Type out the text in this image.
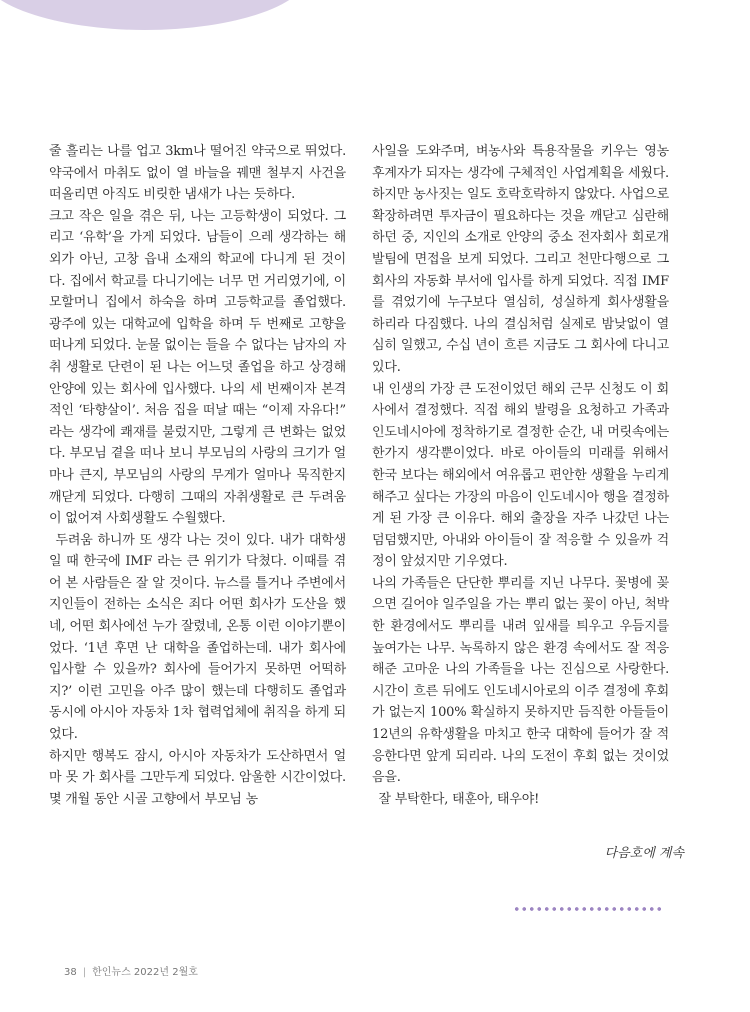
줄 흘리는 나를 업고 3km나 떨어진 약국으로 뛰었다. 약국에서 마취도 없이 열 바늘을 꿰맨 철부지 사건을 떠올리면 아직도 비릿한 냄새가 나는 듯하다.

크고 작은 일을 겪은 뒤, 나는 고등학생이 되었다. 그리고 ‘유학’을 가게 되었다. 남들이 으레 생각하는 해외가 아닌, 고창 읍내 소재의 학교에 다니게 된 것이다. 집에서 학교를 다니기에는 너무 먼 거리였기에, 이모할머니 집에서 하숙을 하며 고등학교를 졸업했다. 광주에 있는 대학교에 입학을 하며 두 번째로 고향을 떠나게 되었다. 눈물 없이는 들을 수 없다는 남자의 자취 생활로 단련이 된 나는 어느덧 졸업을 하고 상경해 안양에 있는 회사에 입사했다. 나의 세 번째이자 본격적인 ‘타향살이’. 처음 집을 떠날 때는 “이제 자유다!” 라는 생각에 쾌재를 불렀지만, 그렇게 큰 변화는 없었다. 부모님 곁을 떠나 보니 부모님의 사랑의 크기가 얼마나 큰지, 부모님의 사랑의 무게가 얼마나 묵직한지 깨닫게 되었다. 다행히 그때의 자취생활로 큰 두려움이 없어져 사회생활도 수월했다.

두려움 하니까 또 생각 나는 것이 있다. 내가 대학생일 때 한국에 IMF 라는 큰 위기가 닥쳤다. 이때를 겪어 본 사람들은 잘 알 것이다. 뉴스를 틀거나 주변에서 지인들이 전하는 소식은 죄다 어떤 회사가 도산을 했네, 어떤 회사에선 누가 잘렸네, 온통 이런 이야기뿐이었다. ‘1년 후면 난 대학을 졸업하는데. 내가 회사에 입사할 수 있을까? 회사에 들어가지 못하면 어떡하지?’ 이런 고민을 아주 많이 했는데 다행히도 졸업과 동시에 아시아 자동차 1차 협력업체에 취직을 하게 되었다.

하지만 행복도 잠시, 아시아 자동차가 도산하면서 얼마 못 가 회사를 그만두게 되었다. 암울한 시간이었다. 몇 개월 동안 시골 고향에서 부모님 농

사일을 도와주며, 벼농사와 특용작물을 키우는 영농 후계자가 되자는 생각에 구체적인 사업계획을 세웠다. 하지만 농사짓는 일도 호락호락하지 않았다. 사업으로 확장하려면 투자금이 필요하다는 것을 깨닫고 심란해 하던 중, 지인의 소개로 안양의 중소 전자회사 회로개발팀에 면접을 보게 되었다. 그리고 천만다행으로 그 회사의 자동화 부서에 입사를 하게 되었다. 직접 IMF를 겪었기에 누구보다 열심히, 성실하게 회사생활을 하리라 다짐했다. 나의 결심처럼 실제로 밤낮없이 열심히 일했고, 수십 년이 흐른 지금도 그 회사에 다니고 있다.

내 인생의 가장 큰 도전이었던 해외 근무 신청도 이 회사에서 결정했다. 직접 해외 발령을 요청하고 가족과 인도네시아에 정착하기로 결정한 순간, 내 머릿속에는 한가지 생각뿐이었다. 바로 아이들의 미래를 위해서 한국 보다는 해외에서 여유롭고 편안한 생활을 누리게 해주고 싶다는 가장의 마음이 인도네시아 행을 결정하게 된 가장 큰 이유다. 해외 출장을 자주 나갔던 나는 덤덤했지만, 아내와 아이들이 잘 적응할 수 있을까 걱정이 앞섰지만 기우였다.

나의 가족들은 단단한 뿌리를 지닌 나무다. 꽃병에 꽂으면 길어야 일주일을 가는 뿌리 없는 꽃이 아닌, 척박한 환경에서도 뿌리를 내려 잎새를 틔우고 우듬지를 높여가는 나무. 녹록하지 않은 환경 속에서도 잘 적응해준 고마운 나의 가족들을 나는 진심으로 사랑한다. 시간이 흐른 뒤에도 인도네시아로의 이주 결정에 후회가 없는지 100% 확실하지 못하지만 듬직한 아들들이 12년의 유학생활을 마치고 한국 대학에 들어가 잘 적응한다면 앞게 되리라. 나의 도전이 후회 없는 것이었음을.

잘 부탁한다, 태훈아, 태우야!

다음호에 계속
38 | 한인뉴스 2022년 2월호
